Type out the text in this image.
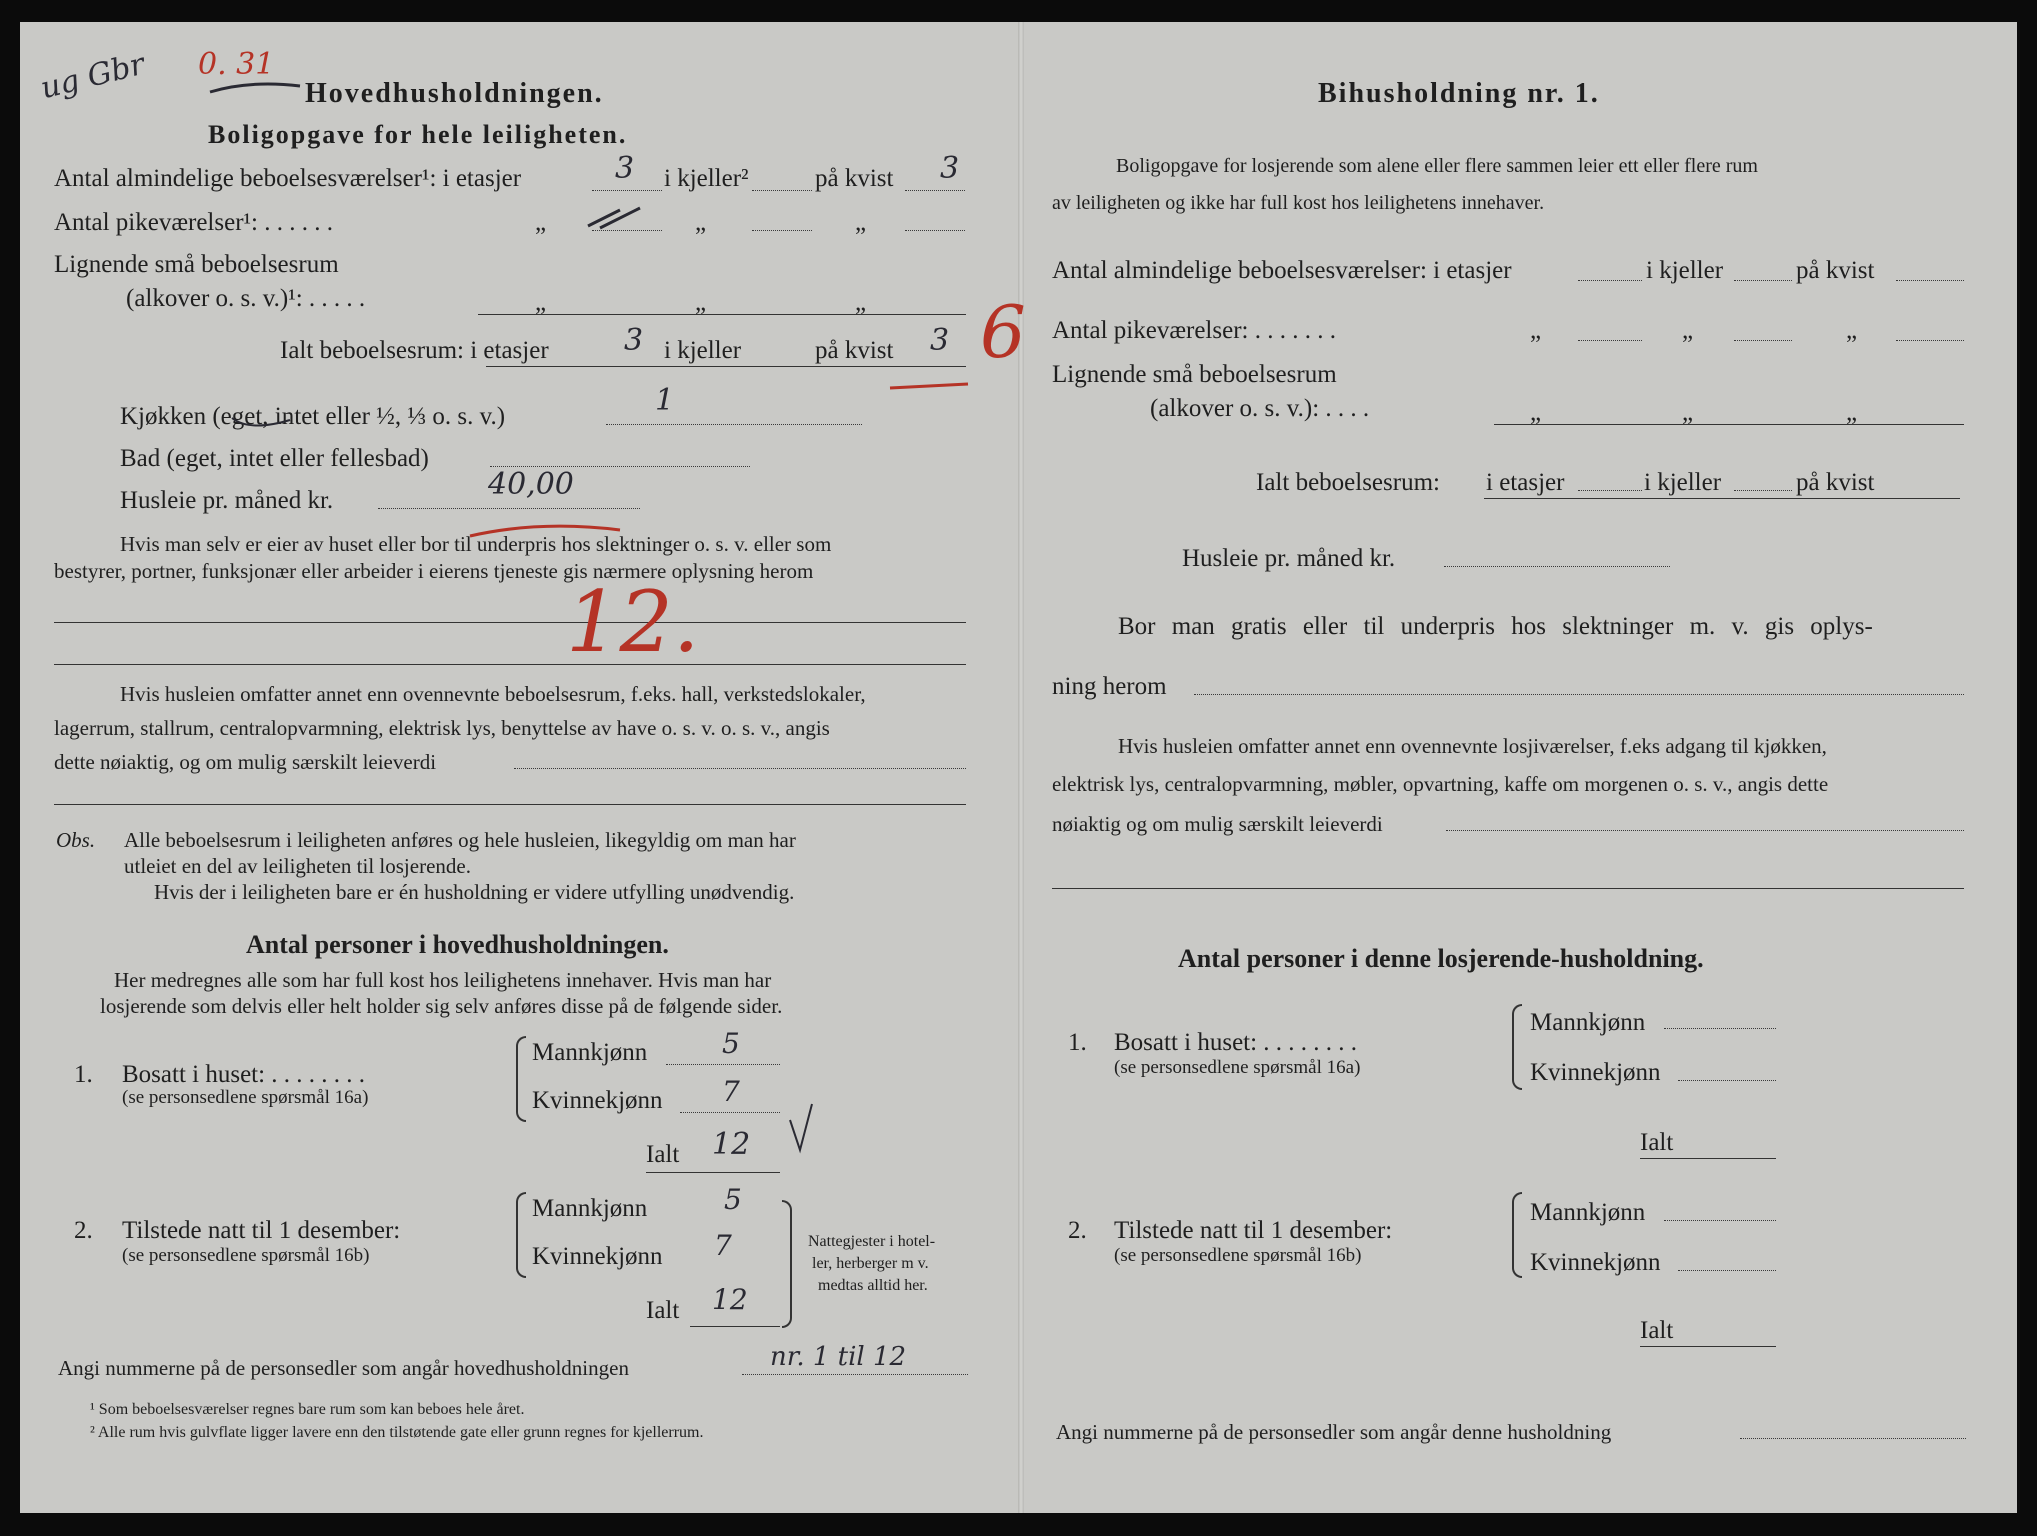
ug Gbr 0. 31
Hovedhusholdningen.
Boligopgave for hele leiligheten.
Antal almindelige beboelsesværelser¹: i etasjer	3 i kjeller²	på kvist 3
Antal pikeværelser¹: . . . . . .	„	„	„
Lignende små beboelsesrum
(alkover o. s. v.)¹: . . . . .	„	„	„
Ialt beboelsesrum: i etasjer	3 i kjeller	på kvist 3 6
Kjøkken (eget, intet eller ½, ⅓ o. s. v.)	1
Bad (eget, intet eller fellesbad)
Husleie pr. måned kr.	40,00
Hvis man selv er eier av huset eller bor til underpris hos slektninger o. s. v. eller som
bestyrer, portner, funksjonær eller arbeider i eierens tjeneste gis nærmere oplysning herom
12.
Hvis husleien omfatter annet enn ovennevnte beboelsesrum, f.eks. hall, verkstedslokaler,
lagerrum, stallrum, centralopvarmning, elektrisk lys, benyttelse av have o. s. v. o. s. v., angis
dette nøiaktig, og om mulig særskilt leieverdi
Obs. Alle beboelsesrum i leiligheten anføres og hele husleien, likegyldig om man har
utleiet en del av leiligheten til losjerende.
Hvis der i leiligheten bare er én husholdning er videre utfylling unødvendig.
Antal personer i hovedhusholdningen.
Her medregnes alle som har full kost hos leilighetens innehaver. Hvis man har
losjerende som delvis eller helt holder sig selv anføres disse på de følgende sider.
1. Bosatt i huset: . . . . . . . .
(se personsedlene spørsmål 16a)
Mannkjønn	5
Kvinnekjønn 7
Ialt 12
2. Tilstede natt til 1 desember:
(se personsedlene spørsmål 16b)
Mannkjønn	5
Kvinnekjønn 7
Ialt 12
Nattegjester i hotel-
ler, herberger m v.
medtas alltid her.
Angi nummerne på de personsedler som angår hovedhusholdningen	nr. 1 til 12
¹ Som beboelsesværelser regnes bare rum som kan beboes hele året.
² Alle rum hvis gulvflate ligger lavere enn den tilstøtende gate eller grunn regnes for kjellerrum.
Bihusholdning nr. 1.
Boligopgave for losjerende som alene eller flere sammen leier ett eller flere rum
av leiligheten og ikke har full kost hos leilighetens innehaver.
Antal almindelige beboelsesværelser: i etasjer	i kjeller	på kvist
Antal pikeværelser: . . . . . . .	„	„	„
Lignende små beboelsesrum
(alkover o. s. v.): . . . .	„	„	„
Ialt beboelsesrum: i etasjer	i kjeller	på kvist
Husleie pr. måned kr.
Bor man gratis eller til underpris hos slektninger m. v. gis oplys-
ning herom
Hvis husleien omfatter annet enn ovennevnte losjiværelser, f.eks adgang til kjøkken,
elektrisk lys, centralopvarmning, møbler, opvartning, kaffe om morgenen o. s. v., angis dette
nøiaktig og om mulig særskilt leieverdi
Antal personer i denne losjerende-husholdning.
1. Bosatt i huset: . . . . . . . .
(se personsedlene spørsmål 16a)
Mannkjønn
Kvinnekjønn
Ialt
2. Tilstede natt til 1 desember:
(se personsedlene spørsmål 16b)
Mannkjønn
Kvinnekjønn
Ialt
Angi nummerne på de personsedler som angår denne husholdning
